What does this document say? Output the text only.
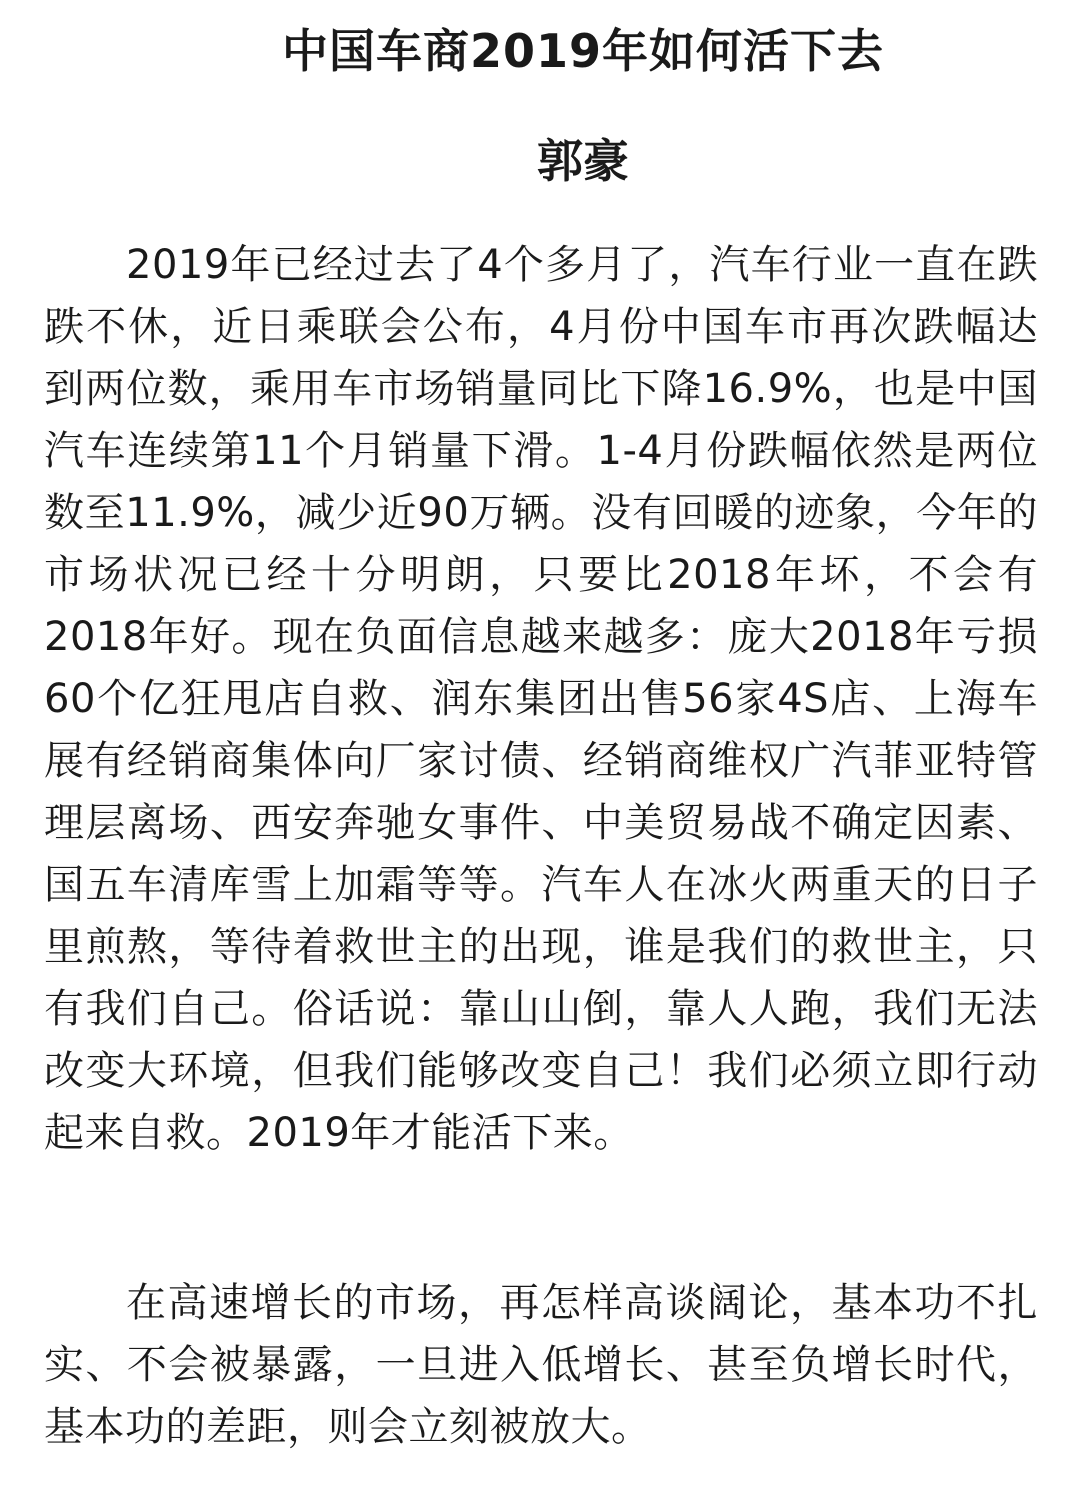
中国车商2019年如何活下去
郭豪

2019年已经过去了4个多月了，汽车行业一直在跌跌不休，近日乘联会公布，4月份中国车市再次跌幅达到两位数，乘用车市场销量同比下降16.9%，也是中国汽车连续第11个月销量下滑。1-4月份跌幅依然是两位数至11.9%，减少近90万辆。没有回暖的迹象，今年的市场状况已经十分明朗，只要比2018年坏，不会有2018年好。现在负面信息越来越多：庞大2018年亏损60个亿狂甩店自救、润东集团出售56家4S店、上海车展有经销商集体向厂家讨债、经销商维权广汽菲亚特管理层离场、西安奔驰女事件、中美贸易战不确定因素、国五车清库雪上加霜等等。汽车人在冰火两重天的日子里煎熬，等待着救世主的出现，谁是我们的救世主，只有我们自己。俗话说：靠山山倒，靠人人跑，我们无法改变大环境，但我们能够改变自己！我们必须立即行动起来自救。2019年才能活下来。

在高速增长的市场，再怎样高谈阔论，基本功不扎实、不会被暴露，一旦进入低增长、甚至负增长时代，基本功的差距，则会立刻被放大。
